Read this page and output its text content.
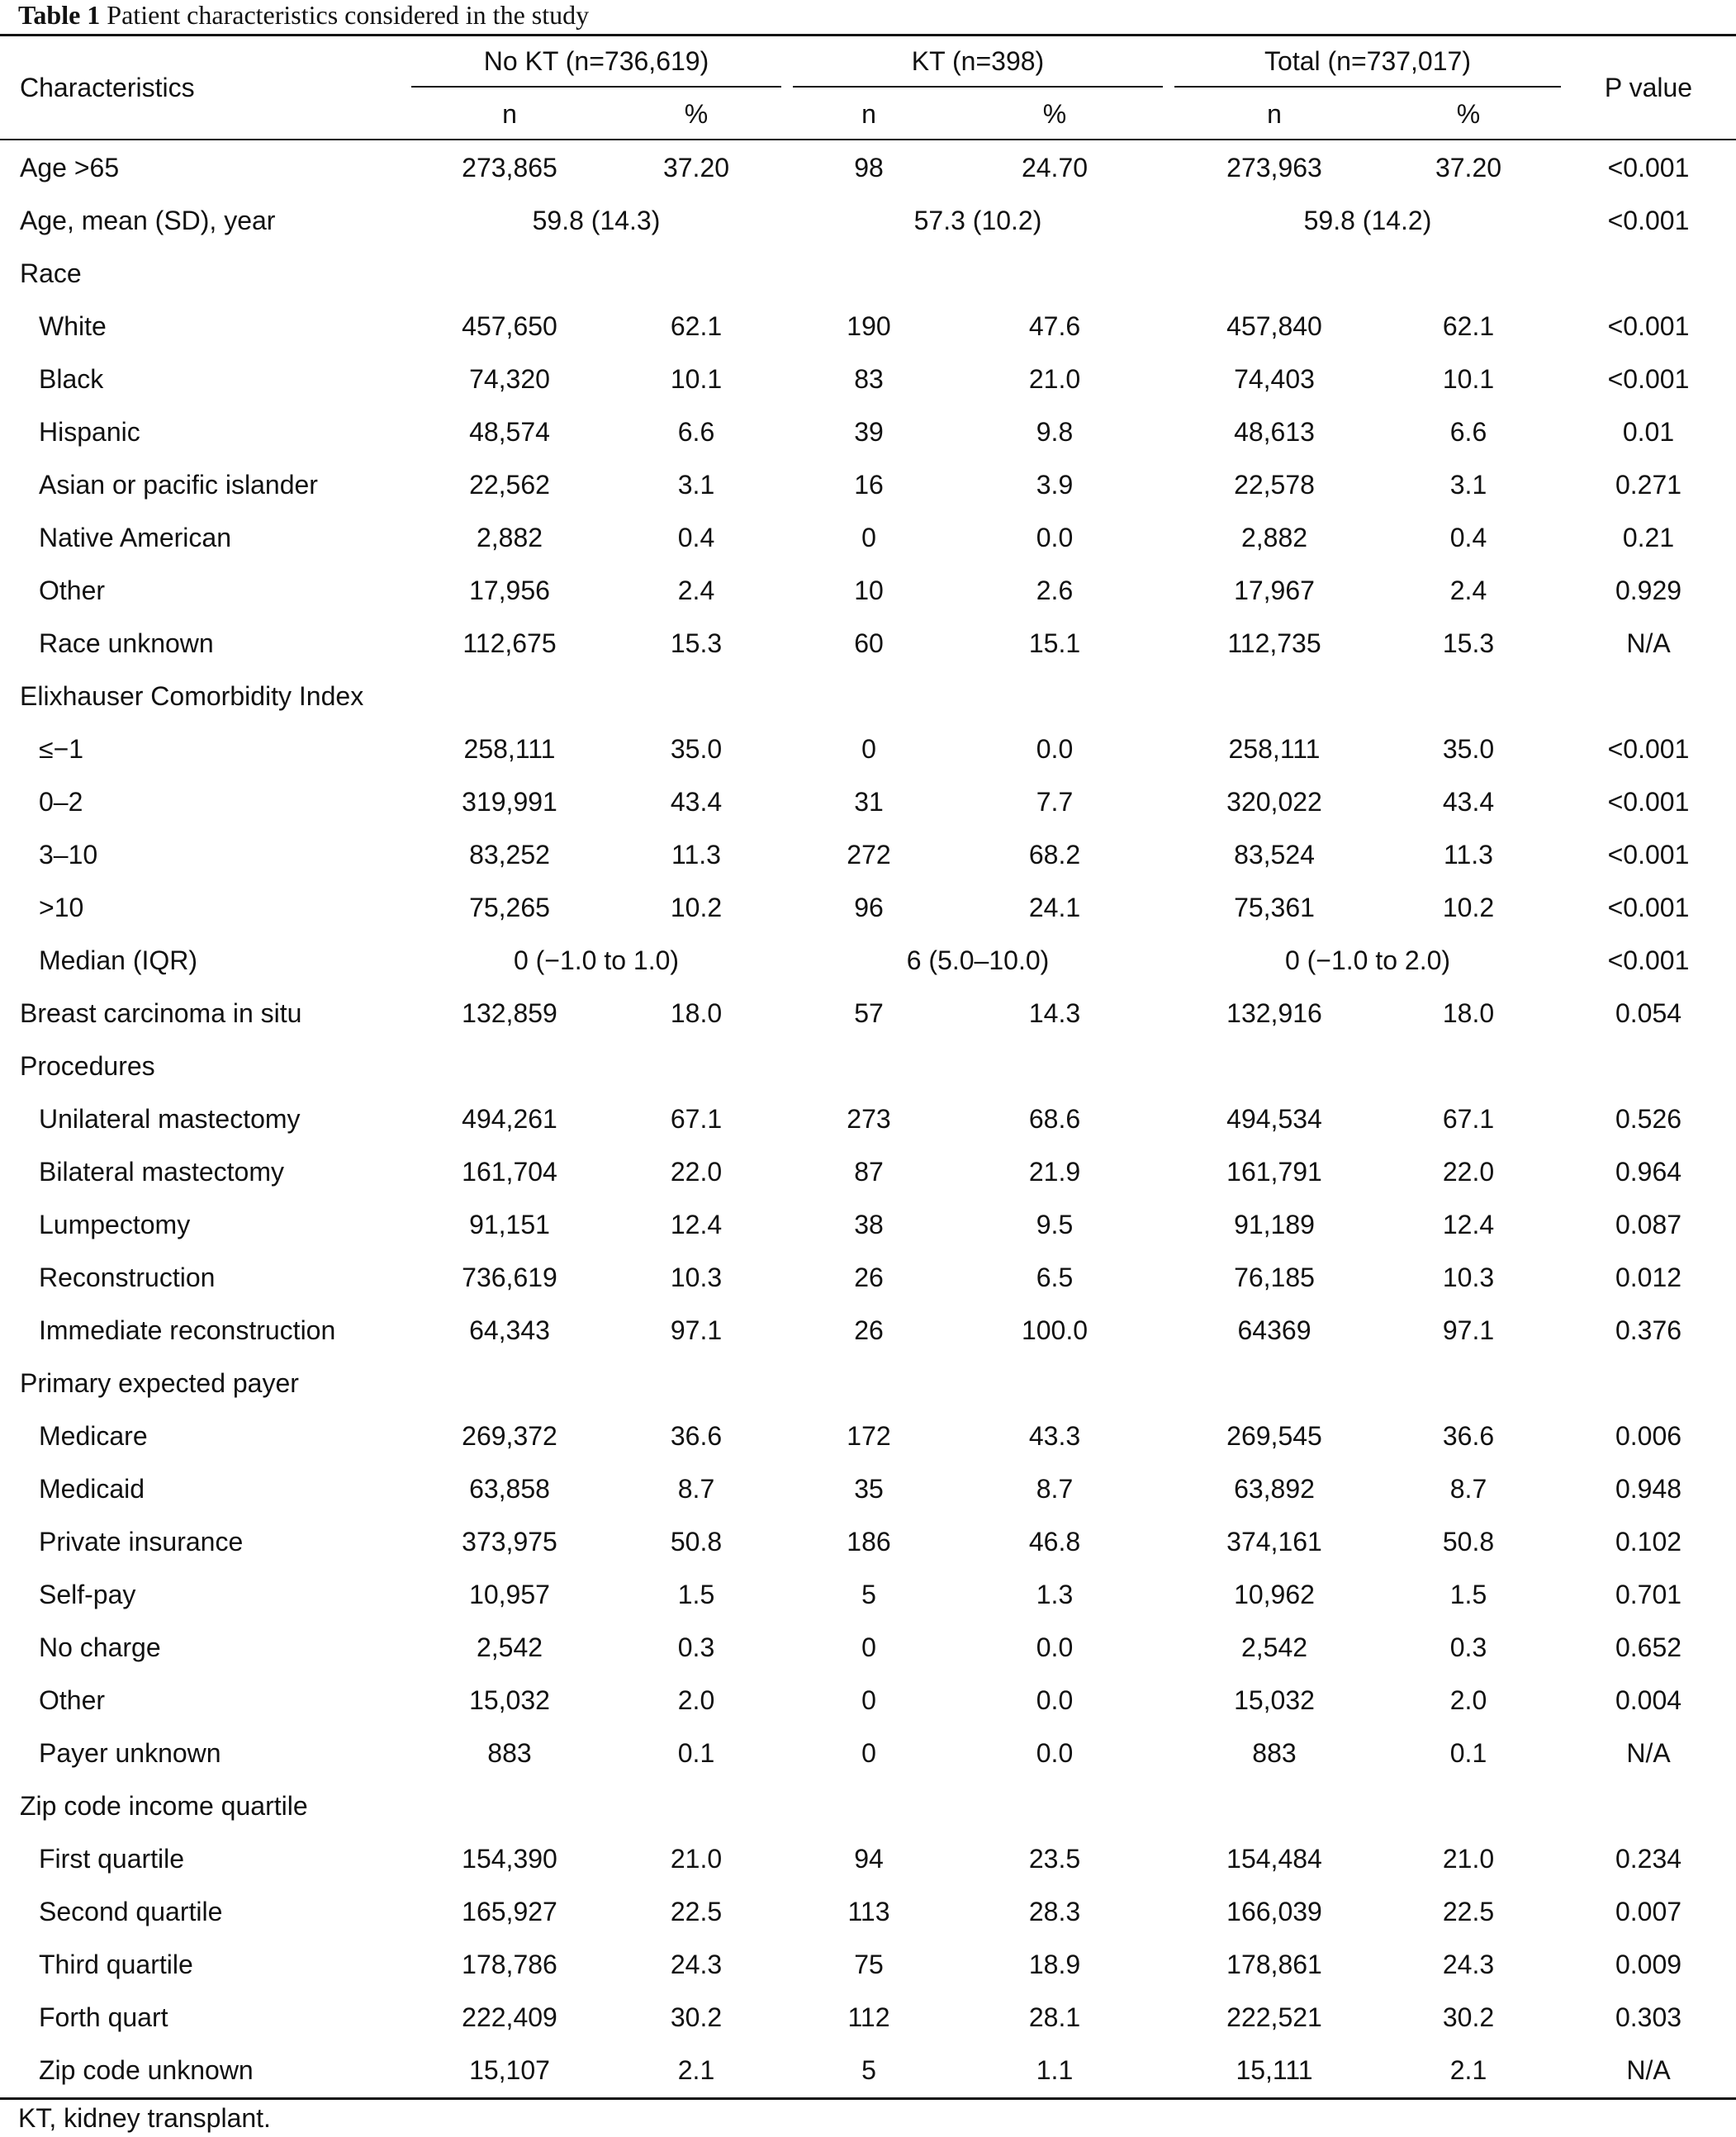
Table 1 Patient characteristics considered in the study
Characteristics
No KT (n=736,619)	KT (n=398)	Total (n=737,017)
P value
n	%	n	%	n	%
Age >65	273,865	37.20	98	24.70	273,963	37.20	<0.001
Age, mean (SD), year	59.8 (14.3)	57.3 (10.2)	59.8 (14.2)	<0.001
Race
White	457,650	62.1	190	47.6	457,840	62.1	<0.001
Black	74,320	10.1	83	21.0	74,403	10.1	<0.001
Hispanic	48,574	6.6	39	9.8	48,613	6.6	0.01
Asian or pacific islander	22,562	3.1	16	3.9	22,578	3.1	0.271
Native American	2,882	0.4	0	0.0	2,882	0.4	0.21
Other	17,956	2.4	10	2.6	17,967	2.4	0.929
Race unknown	112,675	15.3	60	15.1	112,735	15.3	N/A
Elixhauser Comorbidity Index
≤−1	258,111	35.0	0	0.0	258,111	35.0	<0.001
0–2	319,991	43.4	31	7.7	320,022	43.4	<0.001
3–10	83,252	11.3	272	68.2	83,524	11.3	<0.001
>10	75,265	10.2	96	24.1	75,361	10.2	<0.001
Median (IQR)	0 (−1.0 to 1.0)	6 (5.0–10.0)	0 (−1.0 to 2.0)	<0.001
Breast carcinoma in situ	132,859	18.0	57	14.3	132,916	18.0	0.054
Procedures
Unilateral mastectomy	494,261	67.1	273	68.6	494,534	67.1	0.526
Bilateral mastectomy	161,704	22.0	87	21.9	161,791	22.0	0.964
Lumpectomy	91,151	12.4	38	9.5	91,189	12.4	0.087
Reconstruction	736,619	10.3	26	6.5	76,185	10.3	0.012
Immediate reconstruction	64,343	97.1	26	100.0	64369	97.1	0.376
Primary expected payer
Medicare	269,372	36.6	172	43.3	269,545	36.6	0.006
Medicaid	63,858	8.7	35	8.7	63,892	8.7	0.948
Private insurance	373,975	50.8	186	46.8	374,161	50.8	0.102
Self-pay	10,957	1.5	5	1.3	10,962	1.5	0.701
No charge	2,542	0.3	0	0.0	2,542	0.3	0.652
Other	15,032	2.0	0	0.0	15,032	2.0	0.004
Payer unknown	883	0.1	0	0.0	883	0.1	N/A
Zip code income quartile
First quartile	154,390	21.0	94	23.5	154,484	21.0	0.234
Second quartile	165,927	22.5	113	28.3	166,039	22.5	0.007
Third quartile	178,786	24.3	75	18.9	178,861	24.3	0.009
Forth quart	222,409	30.2	112	28.1	222,521	30.2	0.303
Zip code unknown	15,107	2.1	5	1.1	15,111	2.1	N/A
KT, kidney transplant.
